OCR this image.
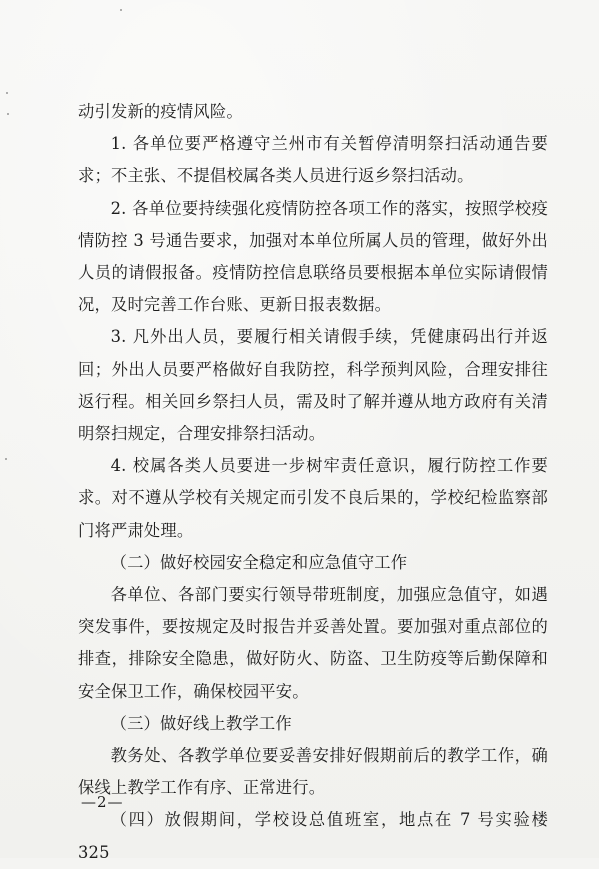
动引发新的疫情风险。

1. 各单位要严格遵守兰州市有关暂停清明祭扫活动通告要求；不主张、不提倡校属各类人员进行返乡祭扫活动。

2. 各单位要持续强化疫情防控各项工作的落实，按照学校疫情防控 3 号通告要求，加强对本单位所属人员的管理，做好外出人员的请假报备。疫情防控信息联络员要根据本单位实际请假情况，及时完善工作台账、更新日报表数据。

3. 凡外出人员，要履行相关请假手续，凭健康码出行并返回；外出人员要严格做好自我防控，科学预判风险，合理安排往返行程。相关回乡祭扫人员，需及时了解并遵从地方政府有关清明祭扫规定，合理安排祭扫活动。

4. 校属各类人员要进一步树牢责任意识，履行防控工作要求。对不遵从学校有关规定而引发不良后果的，学校纪检监察部门将严肃处理。

（二）做好校园安全稳定和应急值守工作

各单位、各部门要实行领导带班制度，加强应急值守，如遇突发事件，要按规定及时报告并妥善处置。要加强对重点部位的排查，排除安全隐患，做好防火、防盗、卫生防疫等后勤保障和安全保卫工作，确保校园平安。

（三）做好线上教学工作

教务处、各教学单位要妥善安排好假期前后的教学工作，确保线上教学工作有序、正常进行。

（四）放假期间，学校设总值班室，地点在 7 号实验楼 325

—2—
